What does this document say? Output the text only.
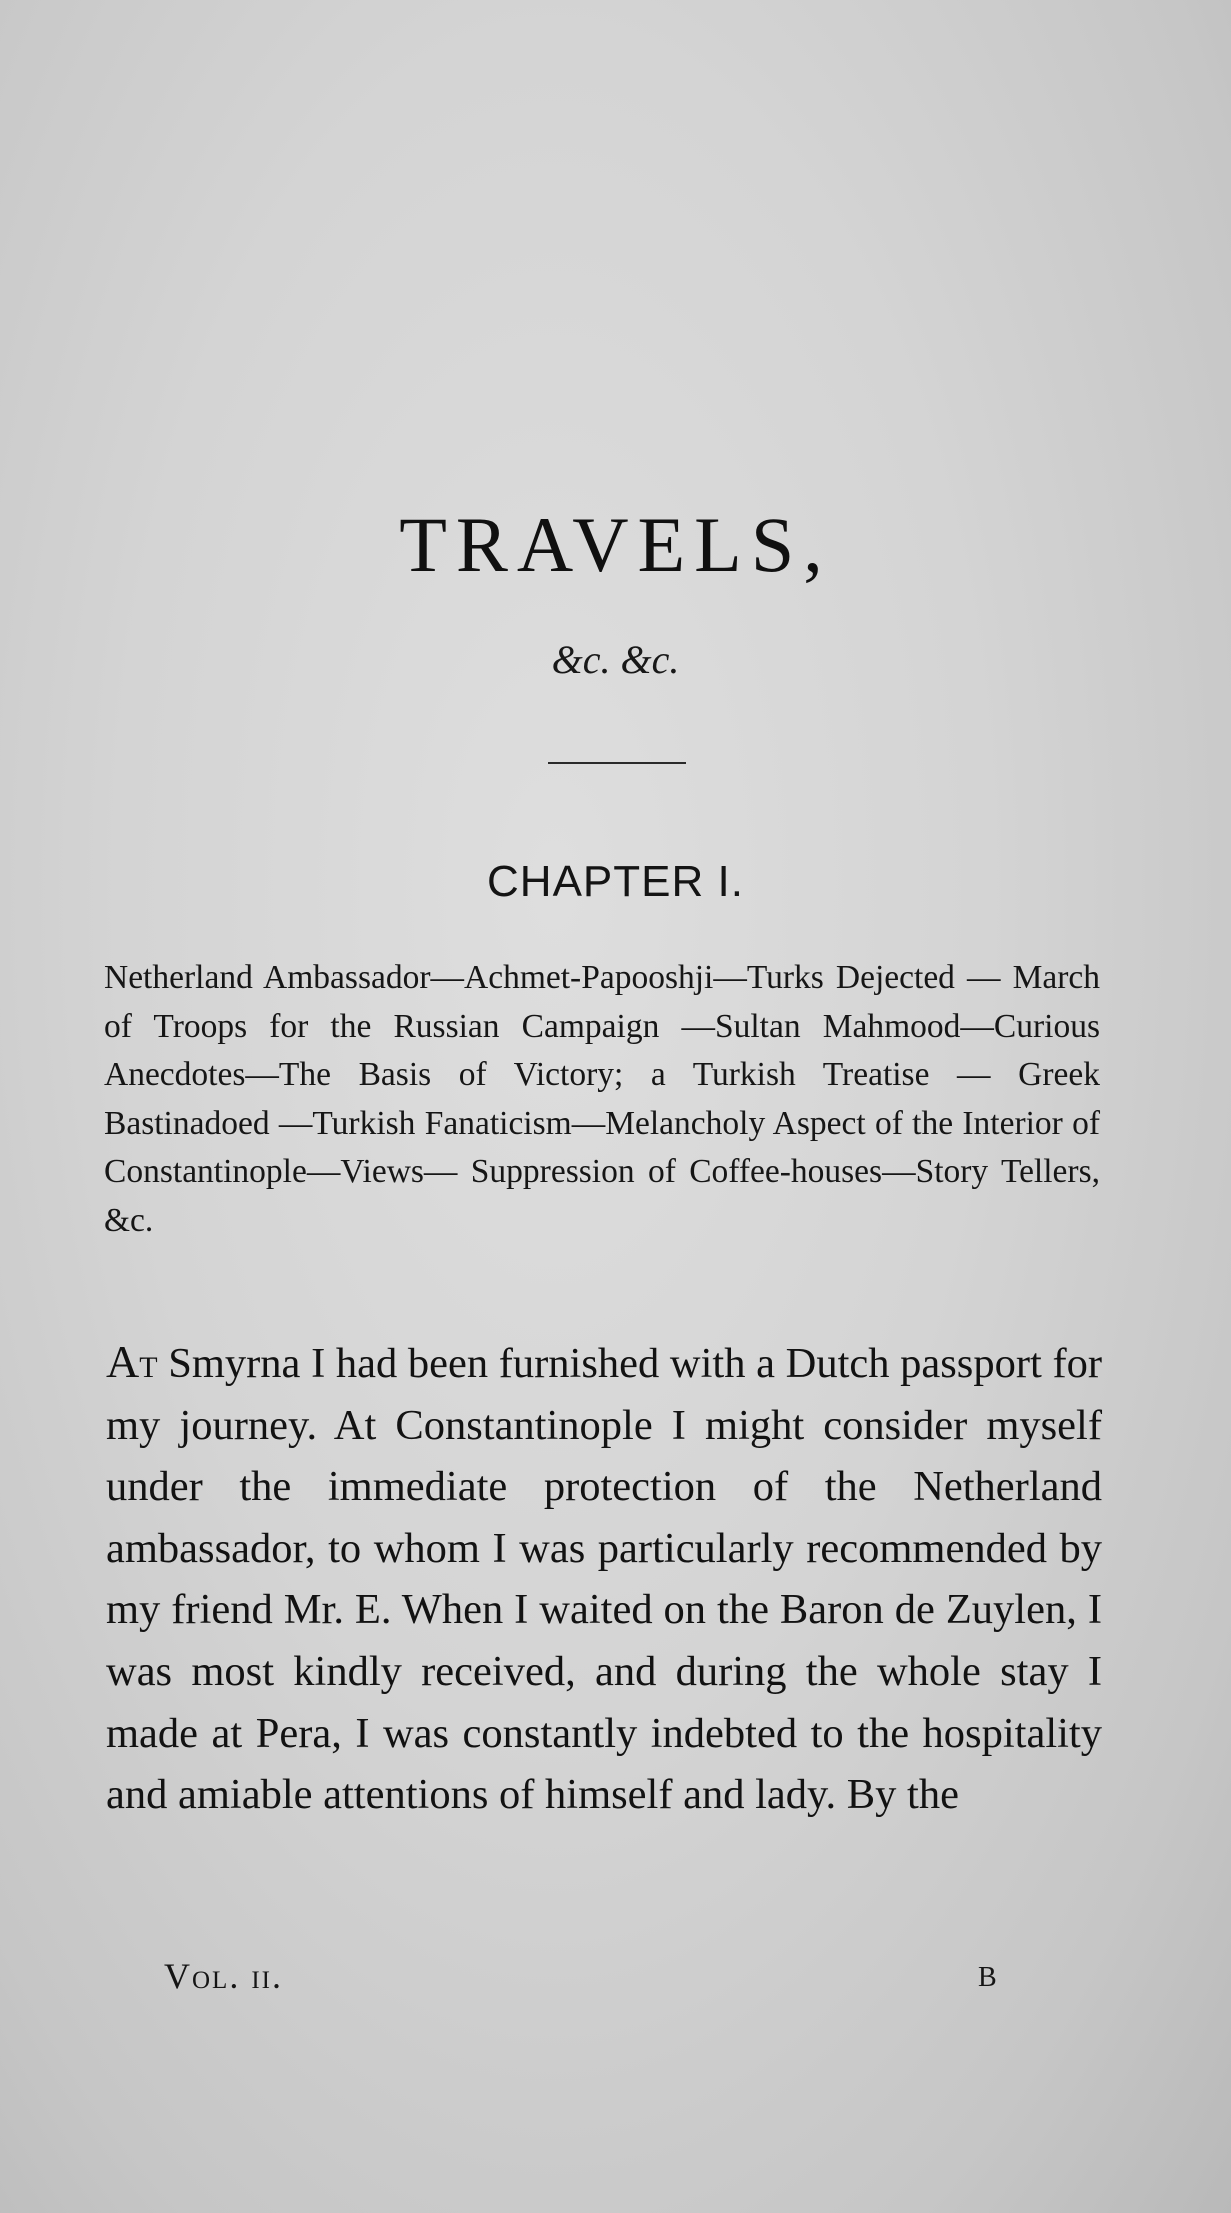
TRAVELS,
&c. &c.
CHAPTER I.

Netherland Ambassador—Achmet-Papooshji—Turks Dejected — March of Troops for the Russian Campaign —Sultan Mahmood—Curious Anecdotes—The Basis of Victory; a Turkish Treatise — Greek Bastinadoed —Turkish Fanaticism—Melancholy Aspect of the Interior of Constantinople—Views— Suppression of Coffee-houses—Story Tellers, &c.

At Smyrna I had been furnished with a Dutch passport for my journey. At Constantinople I might consider myself under the immediate protection of the Netherland ambassador, to whom I was particularly recommended by my friend Mr. E. When I waited on the Baron de Zuylen, I was most kindly received, and during the whole stay I made at Pera, I was constantly indebted to the hospitality and amiable attentions of himself and lady. By the

Vol. ii.	B
